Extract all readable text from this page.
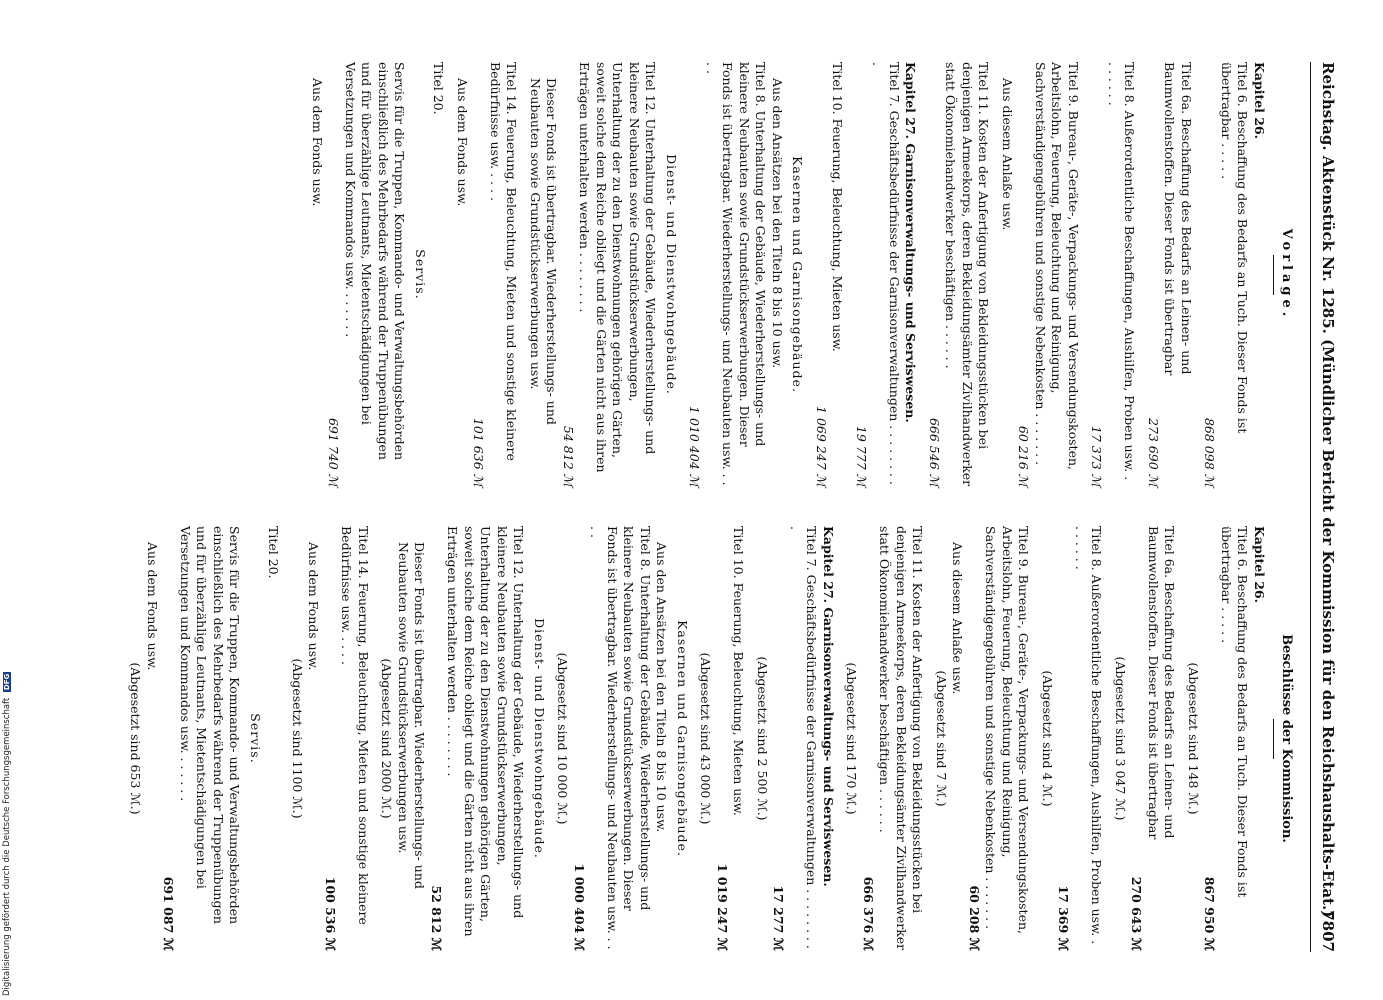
Reichstag. Aktenstück Nr. 1285. (Mündlicher Bericht der Kommission für den Reichshaushalts-Etat.)
7807
Vorlage.
Kapitel 26.
Titel 6. Beschaffung des Bedarfs an Tuch. Dieser Fonds ist übertragbar . . . . .
868 098 ℳ
Titel 6a. Beschaffung des Bedarfs an Leinen- und Baumwollenstoffen. Dieser Fonds ist übertragbar
273 690 ℳ
Titel 8. Außerordentliche Beschaffungen, Aushilfen, Proben usw. . . . . . . .
17 373 ℳ
Titel 9. Bureau-, Geräte-, Verpackungs- und Versendungskosten, Arbeitslohn, Feuerung, Beleuchtung und Reinigung, Sachverständigengebühren und sonstige Nebenkosten . . . . . . .
60 216 ℳ
Aus diesem Anlaße usw.
Titel 11. Kosten der Anfertigung von Bekleidungsstücken bei denjenigen Armeekorps, deren Bekleidungsämter Zivilhandwerker statt Ökonomiehandwerker beschäftigen . . . . . .
666 546 ℳ
Kapitel 27. Garnisonverwaltungs- und Serviswesen.
Titel 7. Geschäftsbedürfnisse der Garnisonverwaltungen . . . . . . . . .
19 777 ℳ
Titel 10. Feuerung, Beleuchtung, Mieten usw.
1 069 247 ℳ
Kasernen und Garnisongebäude.
Aus den Ansätzen bei den Titeln 8 bis 10 usw.
Titel 8. Unterhaltung der Gebäude, Wiederherstellungs- und kleinere Neubauten sowie Grundstückserwerbungen. Dieser Fonds ist übertragbar. Wiederherstellungs- und Neubauten usw. . . . .
1 010 404 ℳ
Dienst- und Dienstwohngebäude.
Titel 12. Unterhaltung der Gebäude, Wiederherstellungs- und kleinere Neubauten sowie Grundstückserwerbungen, Unterhaltung der zu den Dienstwohnungen gehörigen Gärten, soweit solche dem Reiche obliegt und die Gärten nicht aus ihren Erträgen unterhalten werden . . . . . . . .
54 812 ℳ
Dieser Fonds ist übertragbar. Wiederherstellungs- und Neubauten sowie Grundstückserwerbungen usw.
Titel 14. Feuerung, Beleuchtung, Mieten und sonstige kleinere Bedürfnisse usw. . . . .
101 636 ℳ
Aus dem Fonds usw.
Titel 20.
Servis.
Servis für die Truppen, Kommando- und Verwaltungsbehörden einschließlich des Mehrbedarfs während der Truppenübungen und für überzählige Leutnants, Mietentschädigungen bei Versetzungen und Kommandos usw. . . . . . .
691 740 ℳ
Aus dem Fonds usw.
Beschlüsse der Kommission.
Kapitel 26.
Titel 6. Beschaffung des Bedarfs an Tuch. Dieser Fonds ist übertragbar . . . . .
867 950 ℳ
(Abgesetzt sind 148 ℳ.)
Titel 6a. Beschaffung des Bedarfs an Leinen- und Baumwollenstoffen. Dieser Fonds ist übertragbar
270 643 ℳ
(Abgesetzt sind 3 047 ℳ.)
Titel 8. Außerordentliche Beschaffungen, Aushilfen, Proben usw. . . . . . . .
17 369 ℳ
(Abgesetzt sind 4 ℳ.)
Titel 9. Bureau-, Geräte-, Verpackungs- und Versendungskosten, Arbeitslohn, Feuerung, Beleuchtung und Reinigung, Sachverständigengebühren und sonstige Nebenkosten . . . . . . .
60 208 ℳ
Aus diesem Anlaße usw.
(Abgesetzt sind 7 ℳ.)
Titel 11. Kosten der Anfertigung von Bekleidungsstücken bei denjenigen Armeekorps, deren Bekleidungsämter Zivilhandwerker statt Ökonomiehandwerker beschäftigen . . . . . .
666 376 ℳ
(Abgesetzt sind 170 ℳ.)
Kapitel 27. Garnisonverwaltungs- und Serviswesen.
Titel 7. Geschäftsbedürfnisse der Garnisonverwaltungen . . . . . . . . .
17 277 ℳ
(Abgesetzt sind 2 500 ℳ.)
Titel 10. Feuerung, Beleuchtung, Mieten usw.
1 019 247 ℳ
(Abgesetzt sind 43 000 ℳ.)
Kasernen und Garnisongebäude.
Aus den Ansätzen bei den Titeln 8 bis 10 usw.
Titel 8. Unterhaltung der Gebäude, Wiederherstellungs- und kleinere Neubauten sowie Grundstückserwerbungen. Dieser Fonds ist übertragbar. Wiederherstellungs- und Neubauten usw. . . . .
1 000 404 ℳ
(Abgesetzt sind 10 000 ℳ.)
Dienst- und Dienstwohngebäude.
Titel 12. Unterhaltung der Gebäude, Wiederherstellungs- und kleinere Neubauten sowie Grundstückserwerbungen, Unterhaltung der zu den Dienstwohnungen gehörigen Gärten, soweit solche dem Reiche obliegt und die Gärten nicht aus ihren Erträgen unterhalten werden . . . . . . . .
52 812 ℳ
Dieser Fonds ist übertragbar. Wiederherstellungs- und Neubauten sowie Grundstückserwerbungen usw.
(Abgesetzt sind 2000 ℳ.)
Titel 14. Feuerung, Beleuchtung, Mieten und sonstige kleinere Bedürfnisse usw. . . . .
100 536 ℳ
Aus dem Fonds usw.
(Abgesetzt sind 1100 ℳ.)
Titel 20.
Servis.
Servis für die Truppen, Kommando- und Verwaltungsbehörden einschließlich des Mehrbedarfs während der Truppenübungen und für überzählige Leutnants, Mietentschädigungen bei Versetzungen und Kommandos usw. . . . . . .
691 087 ℳ
Aus dem Fonds usw.
(Abgesetzt sind 653 ℳ.)
Digitalisierung gefördert durch die Deutsche Forschungsgemeinschaft DFG
